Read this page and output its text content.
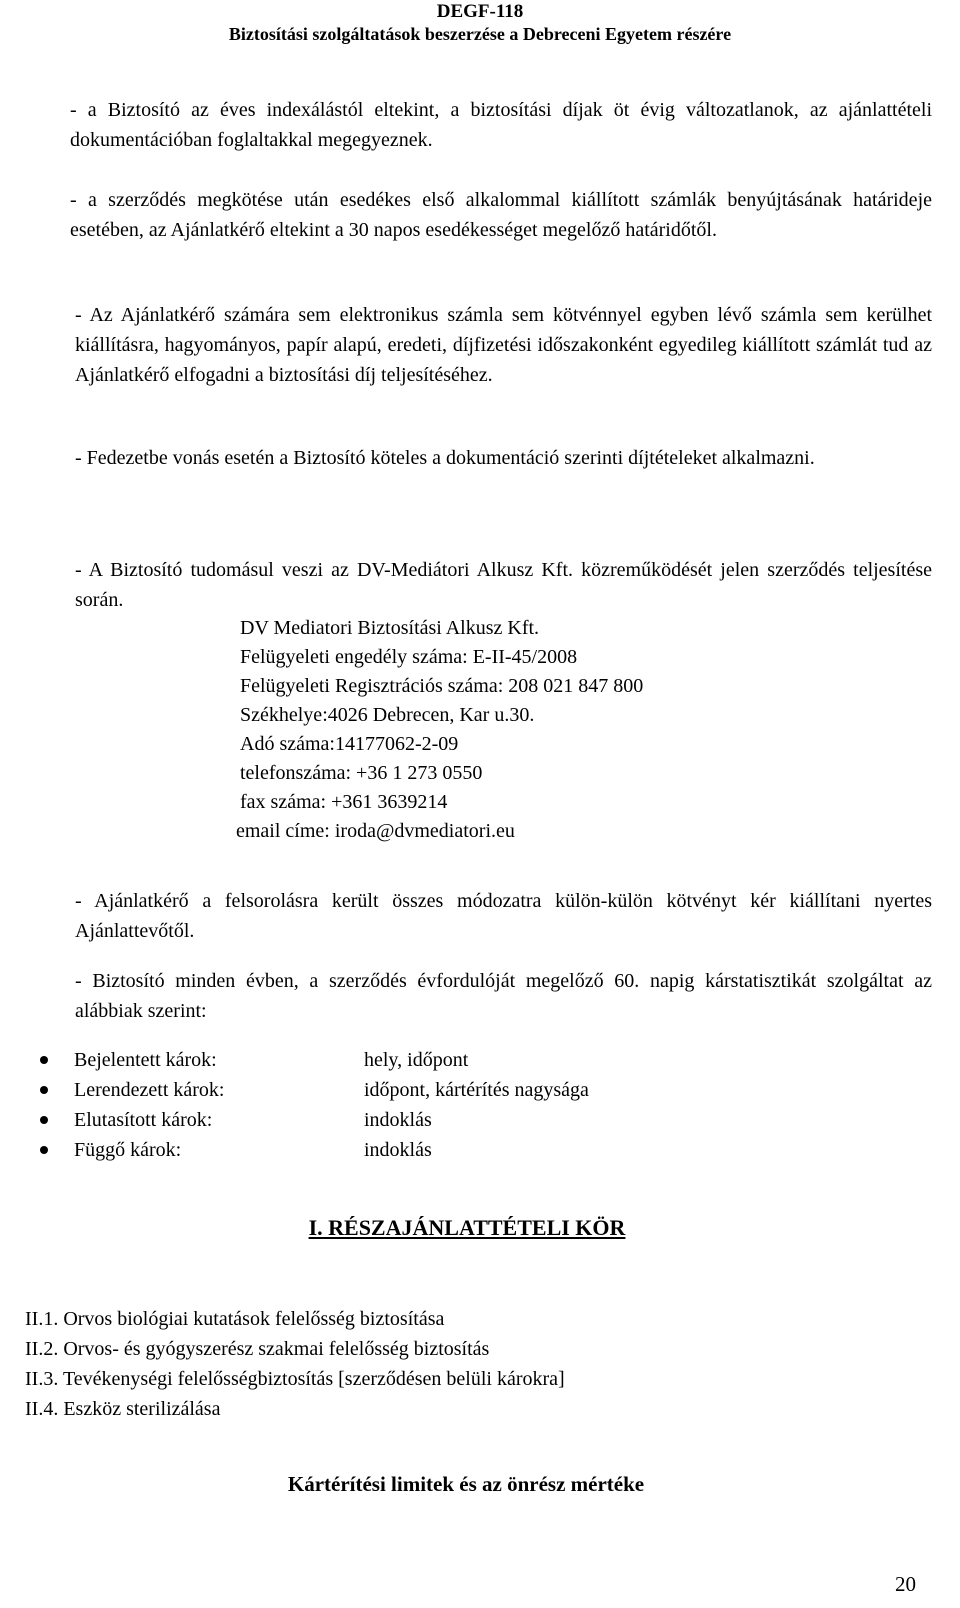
DEGF-118
Biztosítási szolgáltatások beszerzése a Debreceni Egyetem részére
- a Biztosító az éves indexálástól eltekint, a biztosítási díjak öt évig változatlanok, az ajánlattételi dokumentációban foglaltakkal megegyeznek.
- a szerződés megkötése után esedékes első alkalommal kiállított számlák benyújtásának határideje esetében, az Ajánlatkérő eltekint a 30 napos esedékességet megelőző határidőtől.
- Az Ajánlatkérő számára sem elektronikus számla sem kötvénnyel egyben lévő számla sem kerülhet kiállításra, hagyományos, papír alapú, eredeti, díjfizetési időszakonként egyedileg kiállított számlát tud az Ajánlatkérő elfogadni a biztosítási díj teljesítéséhez.
- Fedezetbe vonás esetén a Biztosító köteles a dokumentáció szerinti díjtételeket alkalmazni.
- A Biztosító tudomásul veszi az DV-Mediátori Alkusz Kft. közreműködését jelen szerződés teljesítése során.
DV Mediatori Biztosítási Alkusz Kft.
Felügyeleti engedély száma: E-II-45/2008
Felügyeleti Regisztrációs száma: 208 021 847 800
Székhelye:4026 Debrecen, Kar u.30.
Adó száma:14177062-2-09
telefonszáma: +36 1 273 0550
fax száma: +361 3639214
email címe: iroda@dvmediatori.eu
- Ajánlatkérő a felsorolásra került összes módozatra külön-külön kötvényt kér kiállítani nyertes Ajánlattevőtől.
- Biztosító minden évben, a szerződés évfordulóját megelőző 60. napig kárstatisztikát szolgáltat az alábbiak szerint:
Bejelentett károk:	hely, időpont
Lerendezett károk:	időpont, kártérítés nagysága
Elutasított károk:	indoklás
Függő károk:	indoklás
I. RÉSZAJÁNLATTÉTELI KÖR
II.1. Orvos biológiai kutatások felelősség biztosítása
II.2. Orvos- és gyógyszerész szakmai felelősség biztosítás
II.3. Tevékenységi felelősségbiztosítás [szerződésen belüli károkra]
II.4. Eszköz sterilizálása
Kártérítési limitek és az önrész mértéke
20
